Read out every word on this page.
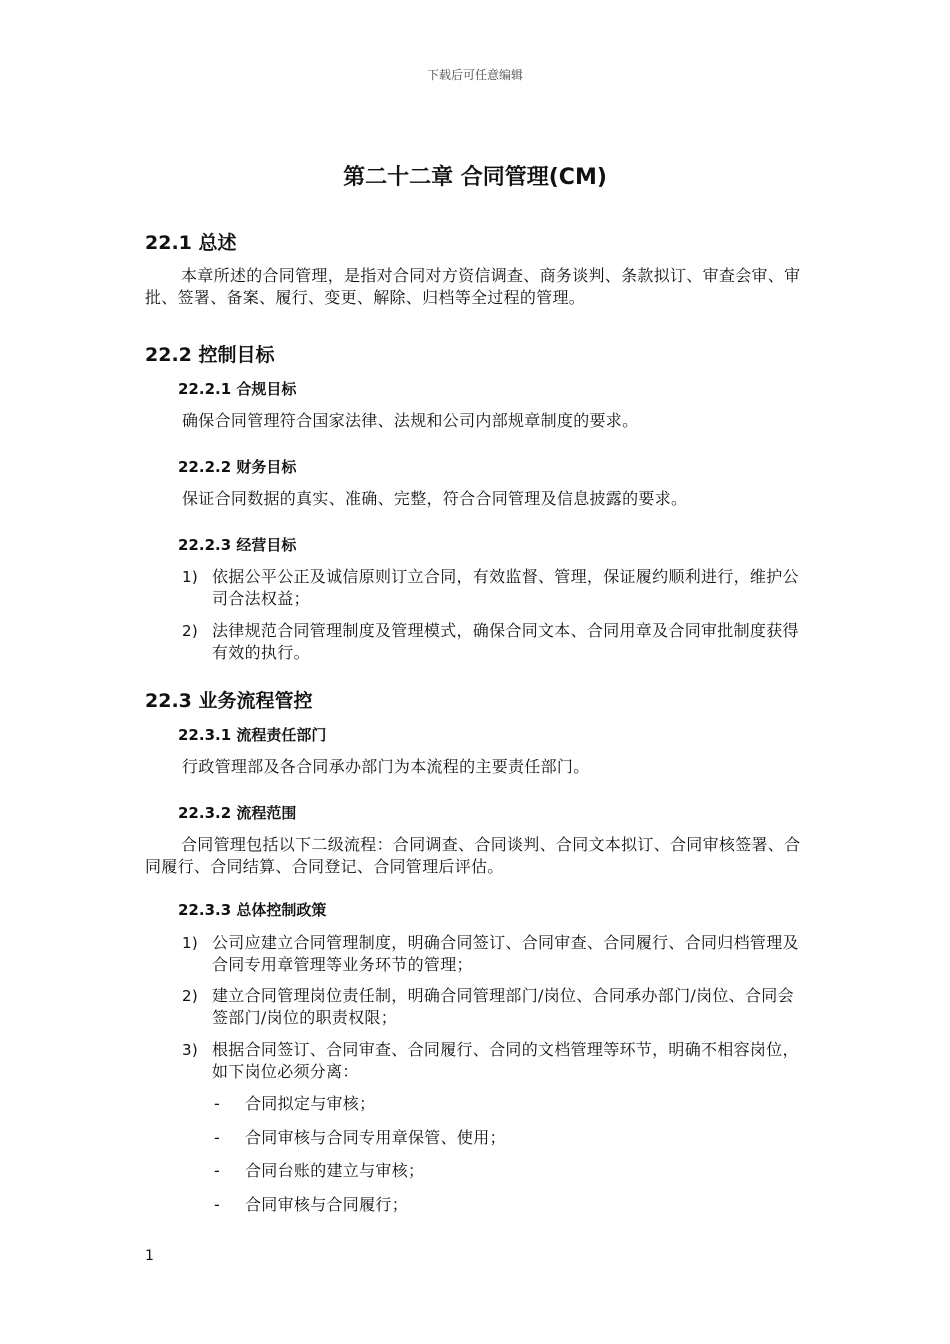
下载后可任意编辑
第二十二章 合同管理(CM)
22.1 总述

本章所述的合同管理，是指对合同对方资信调查、商务谈判、条款拟订、审查会审、审批、签署、备案、履行、变更、解除、归档等全过程的管理。

22.2 控制目标
22.2.1 合规目标

确保合同管理符合国家法律、法规和公司内部规章制度的要求。

22.2.2 财务目标

保证合同数据的真实、准确、完整，符合合同管理及信息披露的要求。

22.2.3 经营目标
1) 依据公平公正及诚信原则订立合同，有效监督、管理，保证履约顺利进行，维护公司合法权益；
2) 法律规范合同管理制度及管理模式，确保合同文本、合同用章及合同审批制度获得有效的执行。
22.3 业务流程管控
22.3.1 流程责任部门

行政管理部及各合同承办部门为本流程的主要责任部门。

22.3.2 流程范围

合同管理包括以下二级流程：合同调查、合同谈判、合同文本拟订、合同审核签署、合同履行、合同结算、合同登记、合同管理后评估。

22.3.3 总体控制政策
1) 公司应建立合同管理制度，明确合同签订、合同审查、合同履行、合同归档管理及合同专用章管理等业务环节的管理；
2) 建立合同管理岗位责任制，明确合同管理部门/岗位、合同承办部门/岗位、合同会签部门/岗位的职责权限；
3) 根据合同签订、合同审查、合同履行、合同的文档管理等环节，明确不相容岗位，如下岗位必须分离：
-	合同拟定与审核；
-	合同审核与合同专用章保管、使用；
-	合同台账的建立与审核；
-	合同审核与合同履行；
1
